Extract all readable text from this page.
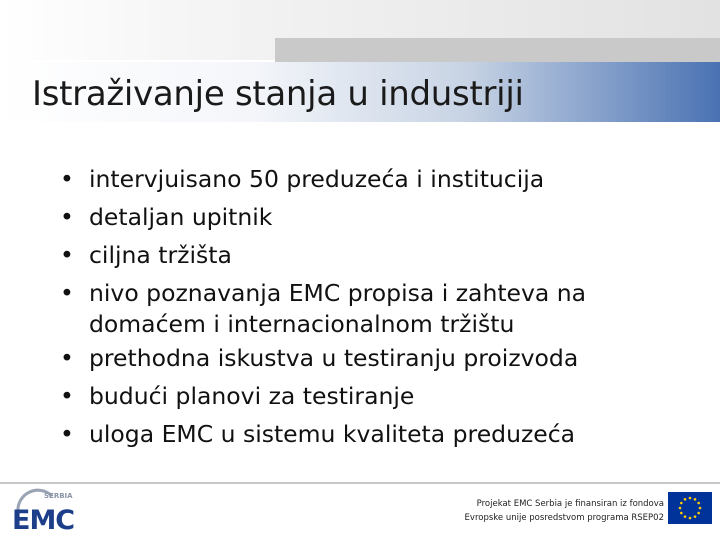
Istraživanje stanja u industriji
• intervjuisano 50 preduzeća i institucija
• detaljan upitnik
• ciljna tržišta
• nivo poznavanja EMC propisa i zahteva na
domaćem i internacionalnom tržištu
• prethodna iskustva u testiranju proizvoda
• budući planovi za testiranje
• uloga EMC u sistemu kvaliteta preduzeća
SERBIA
EMC
Projekat EMC Serbia je finansiran iz fondova
Evropske unije posredstvom programa RSEP02
